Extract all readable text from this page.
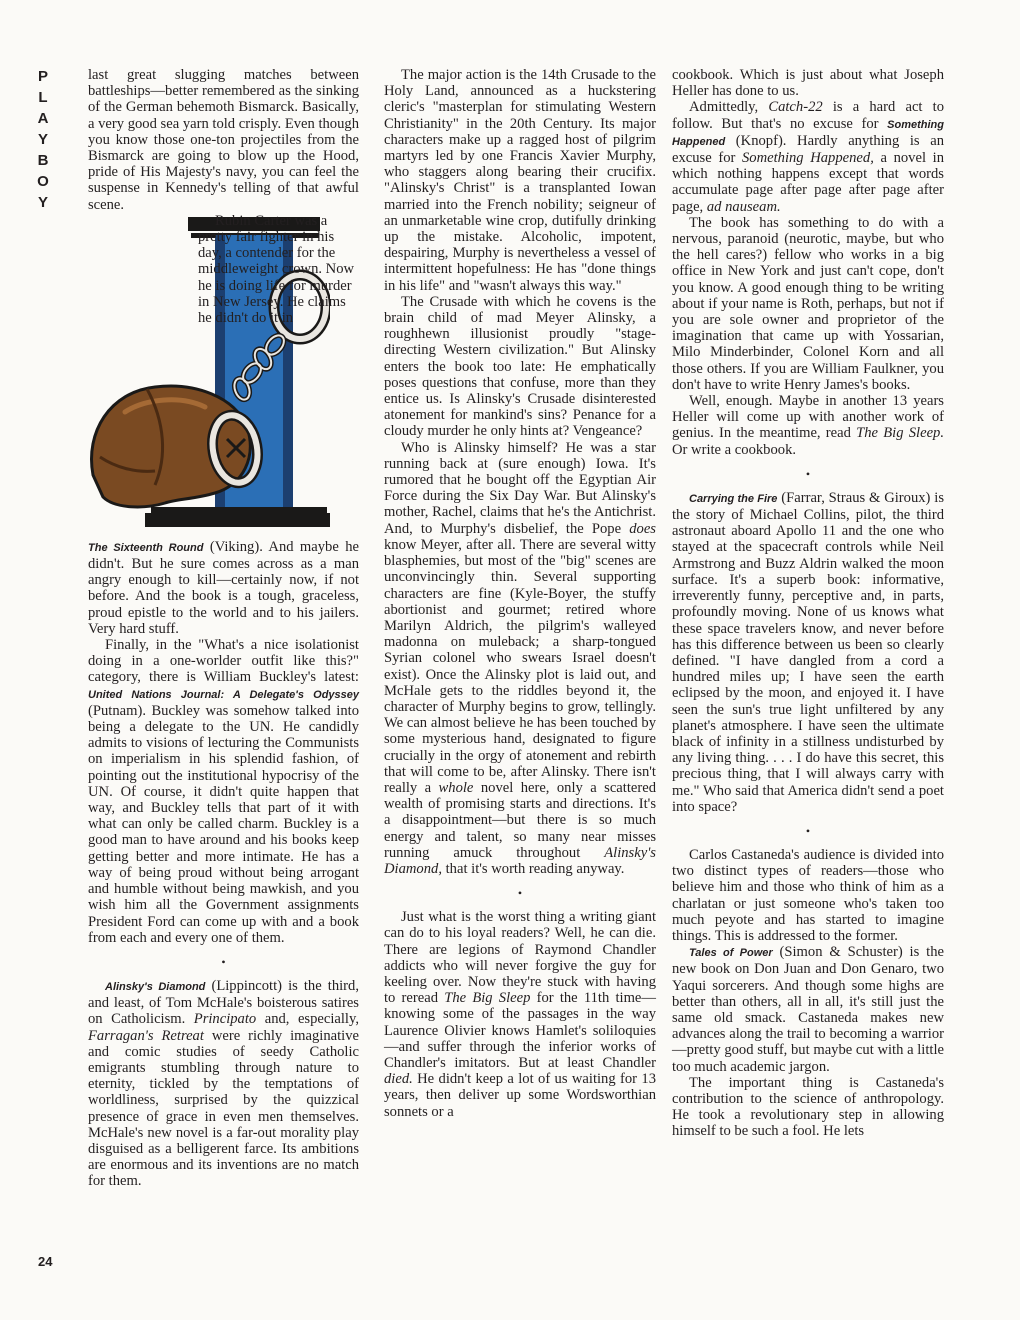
P
L
A
Y
B
O
Y
24

last great slugging matches between battleships—better remembered as the sinking of the German behemoth Bismarck. Basically, a very good sea yarn told crisply. Even though you know those one-ton projectiles from the Bismarck are going to blow up the Hood, pride of His Majesty's navy, you can feel the suspense in Kennedy's telling of that awful scene.

Rubin Carter was a pretty fair fighter in his day, a contender for the middleweight crown. Now he is doing life for murder in New Jersey. He claims he didn't do it in

The Sixteenth Round (Viking). And maybe he didn't. But he sure comes across as a man angry enough to kill—certainly now, if not before. And the book is a tough, graceless, proud epistle to the world and to his jailers. Very hard stuff.

Finally, in the "What's a nice isolationist doing in a one-worlder outfit like this?" category, there is William Buckley's latest: United Nations Journal: A Delegate's Odyssey (Putnam). Buckley was somehow talked into being a delegate to the UN. He candidly admits to visions of lecturing the Communists on imperialism in his splendid fashion, of pointing out the institutional hypocrisy of the UN. Of course, it didn't quite happen that way, and Buckley tells that part of it with what can only be called charm. Buckley is a good man to have around and his books keep getting better and more intimate. He has a way of being proud without being arrogant and humble without being mawkish, and you wish him all the Government assignments President Ford can come up with and a book from each and every one of them.

•

Alinsky's Diamond (Lippincott) is the third, and least, of Tom McHale's boisterous satires on Catholicism. Principato and, especially, Farragan's Retreat were richly imaginative and comic studies of seedy Catholic emigrants stumbling through nature to eternity, tickled by the temptations of worldliness, surprised by the quizzical presence of grace in even men themselves. McHale's new novel is a far-out morality play disguised as a belligerent farce. Its ambitions are enormous and its inventions are no match for them.

The major action is the 14th Crusade to the Holy Land, announced as a huckstering cleric's "masterplan for stimulating Western Christianity" in the 20th Century. Its major characters make up a ragged host of pilgrim martyrs led by one Francis Xavier Murphy, who staggers along bearing their crucifix. "Alinsky's Christ" is a transplanted Iowan married into the French nobility; seigneur of an unmarketable wine crop, dutifully drinking up the mistake. Alcoholic, impotent, despairing, Murphy is nevertheless a vessel of intermittent hopefulness: He has "done things in his life" and "wasn't always this way."

The Crusade with which he covens is the brain child of mad Meyer Alinsky, a roughhewn illusionist proudly "stage-directing Western civilization." But Alinsky enters the book too late: He emphatically poses questions that confuse, more than they entice us. Is Alinsky's Crusade disinterested atonement for mankind's sins? Penance for a cloudy murder he only hints at? Vengeance?

Who is Alinsky himself? He was a star running back at (sure enough) Iowa. It's rumored that he bought off the Egyptian Air Force during the Six Day War. But Alinsky's mother, Rachel, claims that he's the Antichrist. And, to Murphy's disbelief, the Pope does know Meyer, after all. There are several witty blasphemies, but most of the "big" scenes are unconvincingly thin. Several supporting characters are fine (Kyle-Boyer, the stuffy abortionist and gourmet; retired whore Marilyn Aldrich, the pilgrim's walleyed madonna on muleback; a sharp-tongued Syrian colonel who swears Israel doesn't exist). Once the Alinsky plot is laid out, and McHale gets to the riddles beyond it, the character of Murphy begins to grow, tellingly. We can almost believe he has been touched by some mysterious hand, designated to figure crucially in the orgy of atonement and rebirth that will come to be, after Alinsky. There isn't really a whole novel here, only a scattered wealth of promising starts and directions. It's a disappointment—but there is so much energy and talent, so many near misses running amuck throughout Alinsky's Diamond, that it's worth reading anyway.

•

Just what is the worst thing a writing giant can do to his loyal readers? Well, he can die. There are legions of Raymond Chandler addicts who will never forgive the guy for keeling over. Now they're stuck with having to reread The Big Sleep for the 11th time—knowing some of the passages in the way Laurence Olivier knows Hamlet's soliloquies—and suffer through the inferior works of Chandler's imitators. But at least Chandler died. He didn't keep a lot of us waiting for 13 years, then deliver up some Wordsworthian sonnets or a

cookbook. Which is just about what Joseph Heller has done to us.

Admittedly, Catch-22 is a hard act to follow. But that's no excuse for Something Happened (Knopf). Hardly anything is an excuse for Something Happened, a novel in which nothing happens except that words accumulate page after page after page after page, ad nauseam.

The book has something to do with a nervous, paranoid (neurotic, maybe, but who the hell cares?) fellow who works in a big office in New York and just can't cope, don't you know. A good enough thing to be writing about if your name is Roth, perhaps, but not if you are sole owner and proprietor of the imagination that came up with Yossarian, Milo Minderbinder, Colonel Korn and all those others. If you are William Faulkner, you don't have to write Henry James's books.

Well, enough. Maybe in another 13 years Heller will come up with another work of genius. In the meantime, read The Big Sleep. Or write a cookbook.

•

Carrying the Fire (Farrar, Straus & Giroux) is the story of Michael Collins, pilot, the third astronaut aboard Apollo 11 and the one who stayed at the spacecraft controls while Neil Armstrong and Buzz Aldrin walked the moon surface. It's a superb book: informative, irreverently funny, perceptive and, in parts, profoundly moving. None of us knows what these space travelers know, and never before has this difference between us been so clearly defined. "I have dangled from a cord a hundred miles up; I have seen the earth eclipsed by the moon, and enjoyed it. I have seen the sun's true light unfiltered by any planet's atmosphere. I have seen the ultimate black of infinity in a stillness undisturbed by any living thing. . . . I do have this secret, this precious thing, that I will always carry with me." Who said that America didn't send a poet into space?

•

Carlos Castaneda's audience is divided into two distinct types of readers—those who believe him and those who think of him as a charlatan or just someone who's taken too much peyote and has started to imagine things. This is addressed to the former.

Tales of Power (Simon & Schuster) is the new book on Don Juan and Don Genaro, two Yaqui sorcerers. And though some highs are better than others, all in all, it's still just the same old smack. Castaneda makes new advances along the trail to becoming a warrior—pretty good stuff, but maybe cut with a little too much academic jargon.

The important thing is Castaneda's contribution to the science of anthropology. He took a revolutionary step in allowing himself to be such a fool. He lets
